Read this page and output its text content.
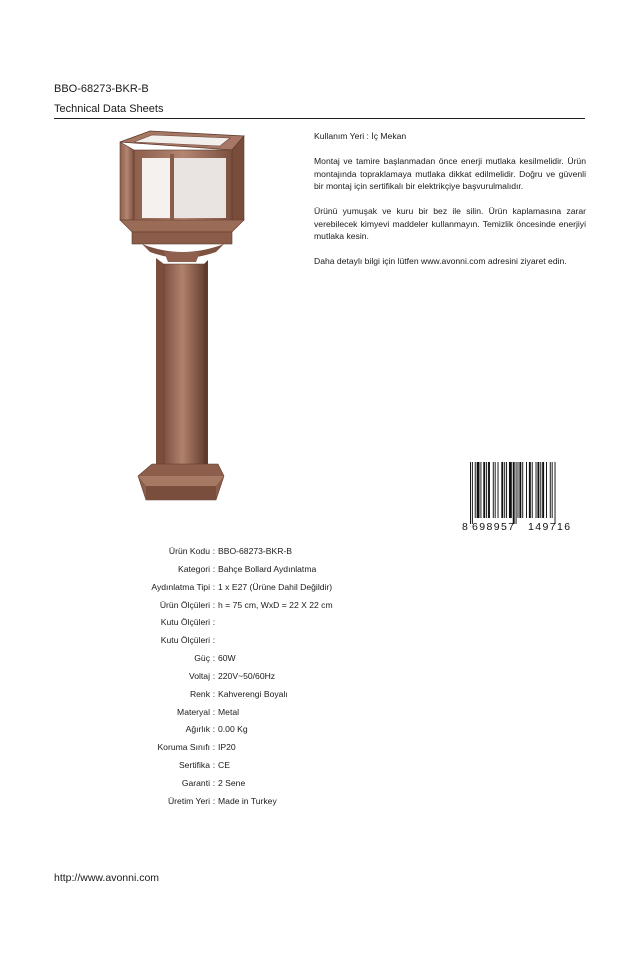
BBO-68273-BKR-B
Technical Data Sheets

Kullanım Yeri : İç Mekan

Montaj ve tamire başlanmadan önce enerji mutlaka kesilmelidir. Ürün montajında topraklamaya mutlaka dikkat edilmelidir. Doğru ve güvenli bir montaj için sertifikalı bir elektrikçiye başvurulmalıdır.

Ürünü yumuşak ve kuru bir bez ile silin. Ürün kaplamasına zarar verebilecek kimyevi maddeler kullanmayın. Temizlik öncesinde enerjiyi mutlaka kesin.

Daha detaylı bilgi için lütfen www.avonni.com adresini ziyaret edin.

8 698957 149716
Ürün Kodu : BBO-68273-BKR-B
Kategori : Bahçe Bollard Aydınlatma
Aydınlatma Tipi : 1 x E27 (Ürüne Dahil Değildir)
Ürün Ölçüleri : h = 75 cm, WxD = 22 X 22 cm
Kutu Ölçüleri :
Kutu Ölçüleri :
Güç : 60W
Voltaj : 220V~50/60Hz
Renk : Kahverengi Boyalı
Materyal : Metal
Ağırlık : 0.00 Kg
Koruma Sınıfı : IP20
Sertifika : CE
Garanti : 2 Sene
Üretim Yeri : Made in Turkey
http://www.avonni.com
